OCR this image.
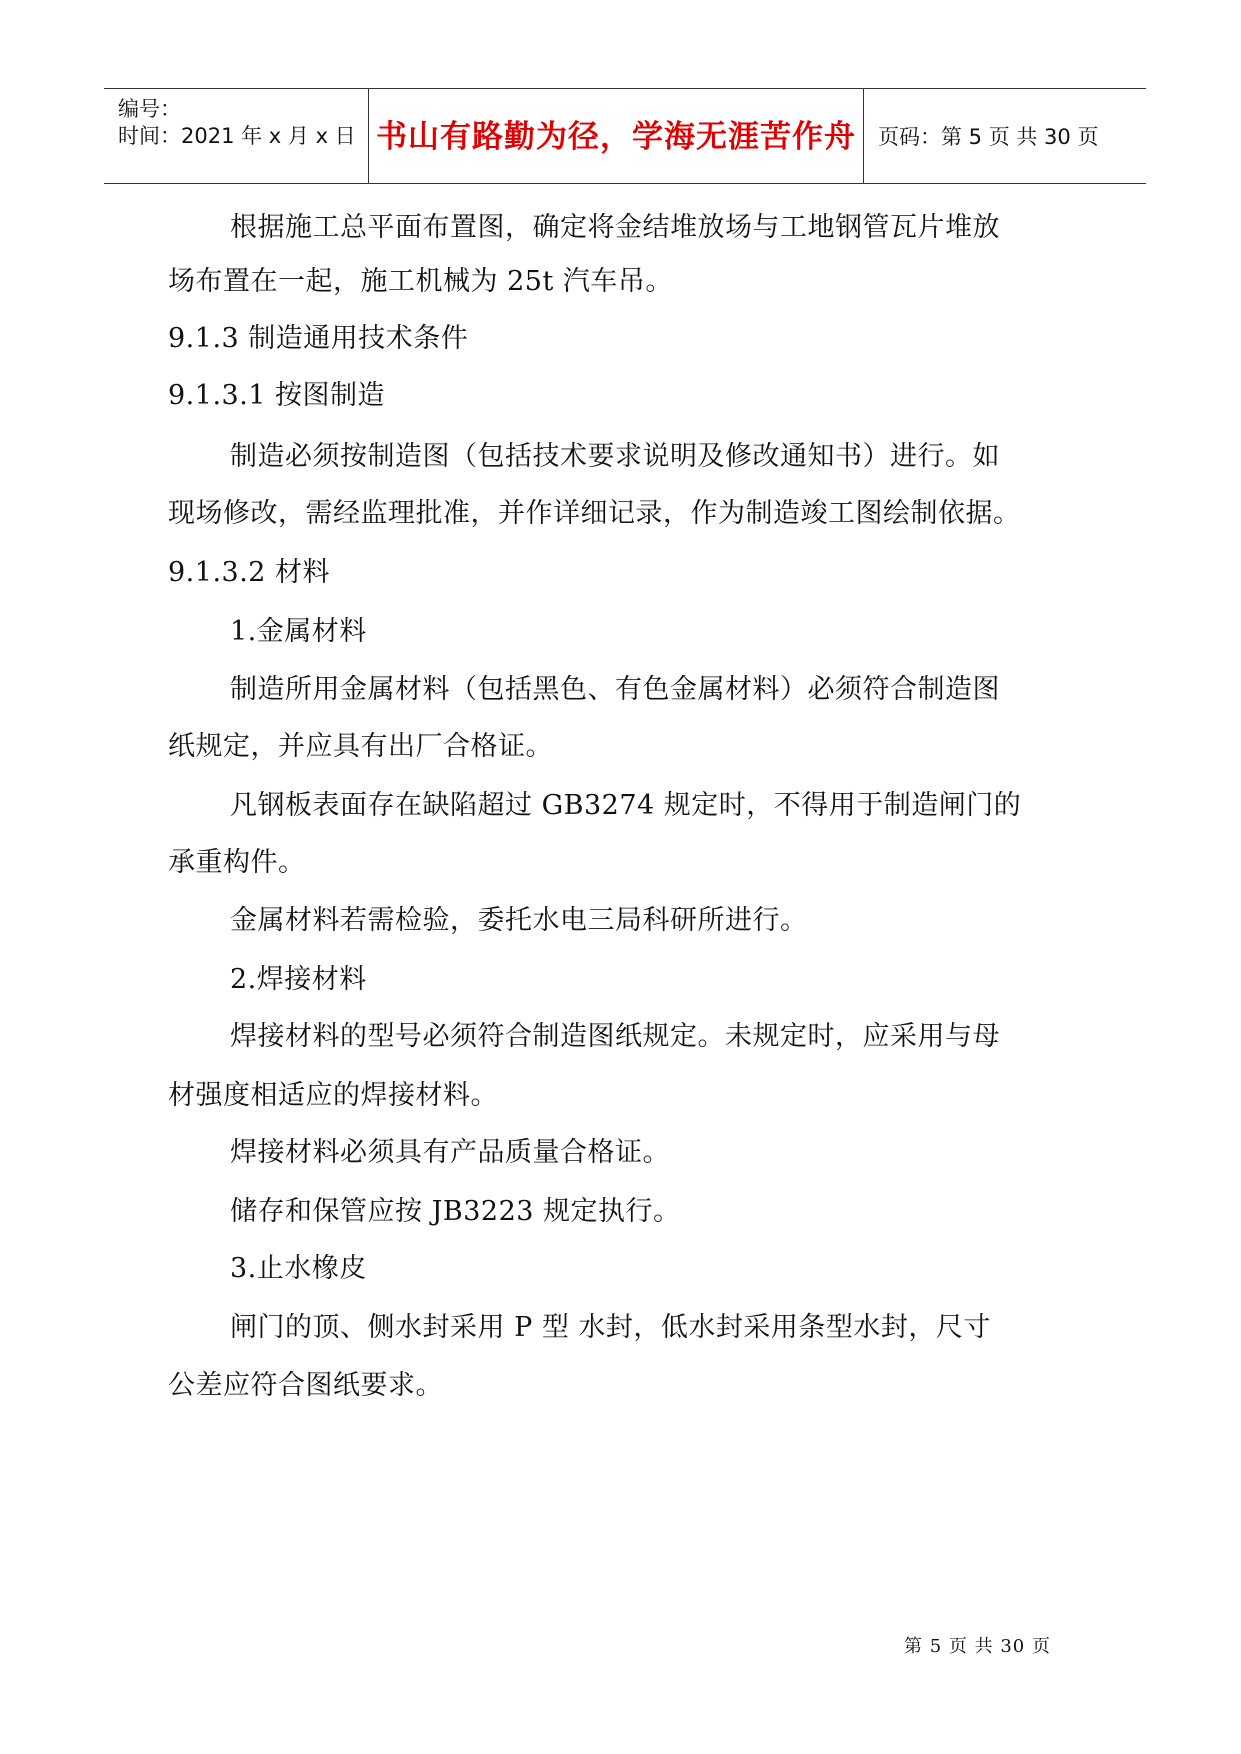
编号：
时间：2021 年 x 月 x 日 书山有路勤为径，学海无涯苦作舟 页码：第 5 页 共 30 页
根据施工总平面布置图，确定将金结堆放场与工地钢管瓦片堆放
场布置在一起，施工机械为 25t 汽车吊。
9.1.3 制造通用技术条件
9.1.3.1 按图制造
制造必须按制造图（包括技术要求说明及修改通知书）进行。如
现场修改，需经监理批准，并作详细记录，作为制造竣工图绘制依据。
9.1.3.2 材料
1.金属材料
制造所用金属材料（包括黑色、有色金属材料）必须符合制造图
纸规定，并应具有出厂合格证。
凡钢板表面存在缺陷超过 GB3274 规定时，不得用于制造闸门的
承重构件。
金属材料若需检验，委托水电三局科研所进行。
2.焊接材料
焊接材料的型号必须符合制造图纸规定。未规定时，应采用与母
材强度相适应的焊接材料。
焊接材料必须具有产品质量合格证。
储存和保管应按 JB3223 规定执行。
3.止水橡皮
闸门的顶、侧水封采用 P 型 水封，低水封采用条型水封，尺寸
公差应符合图纸要求。
第 5 页 共 30 页
